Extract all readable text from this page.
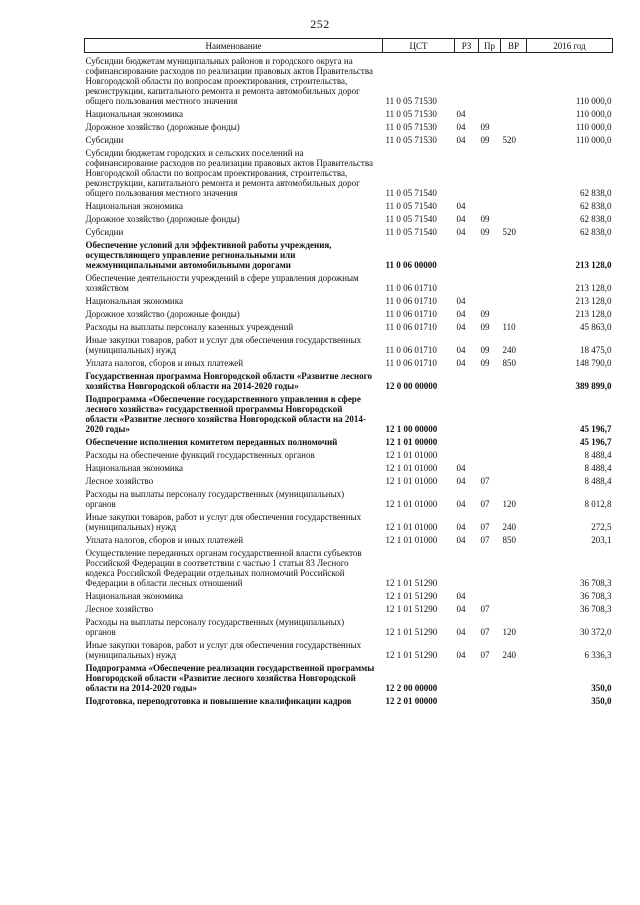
252
Наименование	ЦСТ	РЗ	Пр	ВР	2016 год
Субсидии бюджетам муниципальных районов и городского округа на софинансирование расходов по реализации правовых актов Правительства Новгородской области по вопросам проектирования, строительства, реконструкции, капитального ремонта и ремонта автомобильных дорог общего пользования местного значения	11 0 05 71530				110 000,0
Национальная экономика	11 0 05 71530	04			110 000,0
Дорожное хозяйство (дорожные фонды)	11 0 05 71530	04	09		110 000,0
Субсидии	11 0 05 71530	04	09	520	110 000,0
Субсидии бюджетам городских и сельских поселений на софинансирование расходов по реализации правовых актов Правительства Новгородской области по вопросам проектирования, строительства, реконструкции, капитального ремонта и ремонта автомобильных дорог общего пользования местного значения	11 0 05 71540				62 838,0
Национальная экономика	11 0 05 71540	04			62 838,0
Дорожное хозяйство (дорожные фонды)	11 0 05 71540	04	09		62 838,0
Субсидии	11 0 05 71540	04	09	520	62 838,0
Обеспечение условий для эффективной работы учреждения, осуществляющего управление региональными или межмуниципальными автомобильными дорогами	11 0 06 00000				213 128,0
Обеспечение деятельности учреждений в сфере управления дорожным хозяйством	11 0 06 01710				213 128,0
Национальная экономика	11 0 06 01710	04			213 128,0
Дорожное хозяйство (дорожные фонды)	11 0 06 01710	04	09		213 128,0
Расходы на выплаты персоналу казенных учреждений	11 0 06 01710	04	09	110	45 863,0
Иные закупки товаров, работ и услуг для обеспечения государственных (муниципальных) нужд	11 0 06 01710	04	09	240	18 475,0
Уплата налогов, сборов и иных платежей	11 0 06 01710	04	09	850	148 790,0
Государственная программа Новгородской области «Развитие лесного хозяйства Новгородской области на 2014-2020 годы»	12 0 00 00000				389 899,0
Подпрограмма «Обеспечение государственного управления в сфере лесного хозяйства» государственной программы Новгородской области «Развитие лесного хозяйства Новгородской области на 2014-2020 годы»	12 1 00 00000				45 196,7
Обеспечение исполнения комитетом переданных полномочий	12 1 01 00000				45 196,7
Расходы на обеспечение функций государственных органов	12 1 01 01000				8 488,4
Национальная экономика	12 1 01 01000	04			8 488,4
Лесное хозяйство	12 1 01 01000	04	07		8 488,4
Расходы на выплаты персоналу государственных (муниципальных) органов	12 1 01 01000	04	07	120	8 012,8
Иные закупки товаров, работ и услуг для обеспечения государственных (муниципальных) нужд	12 1 01 01000	04	07	240	272,5
Уплата налогов, сборов и иных платежей	12 1 01 01000	04	07	850	203,1
Осуществление переданных органам государственной власти субъектов Российской Федерации в соответствии с частью 1 статьи 83 Лесного кодекса Российской Федерации отдельных полномочий Российской Федерации в области лесных отношений	12 1 01 51290				36 708,3
Национальная экономика	12 1 01 51290	04			36 708,3
Лесное хозяйство	12 1 01 51290	04	07		36 708,3
Расходы на выплаты персоналу государственных (муниципальных) органов	12 1 01 51290	04	07	120	30 372,0
Иные закупки товаров, работ и услуг для обеспечения государственных (муниципальных) нужд	12 1 01 51290	04	07	240	6 336,3
Подпрограмма «Обеспечение реализации государственной программы Новгородской области «Развитие лесного хозяйства Новгородской области на 2014-2020 годы»	12 2 00 00000				350,0
Подготовка, переподготовка и повышение квалификации кадров	12 2 01 00000				350,0
